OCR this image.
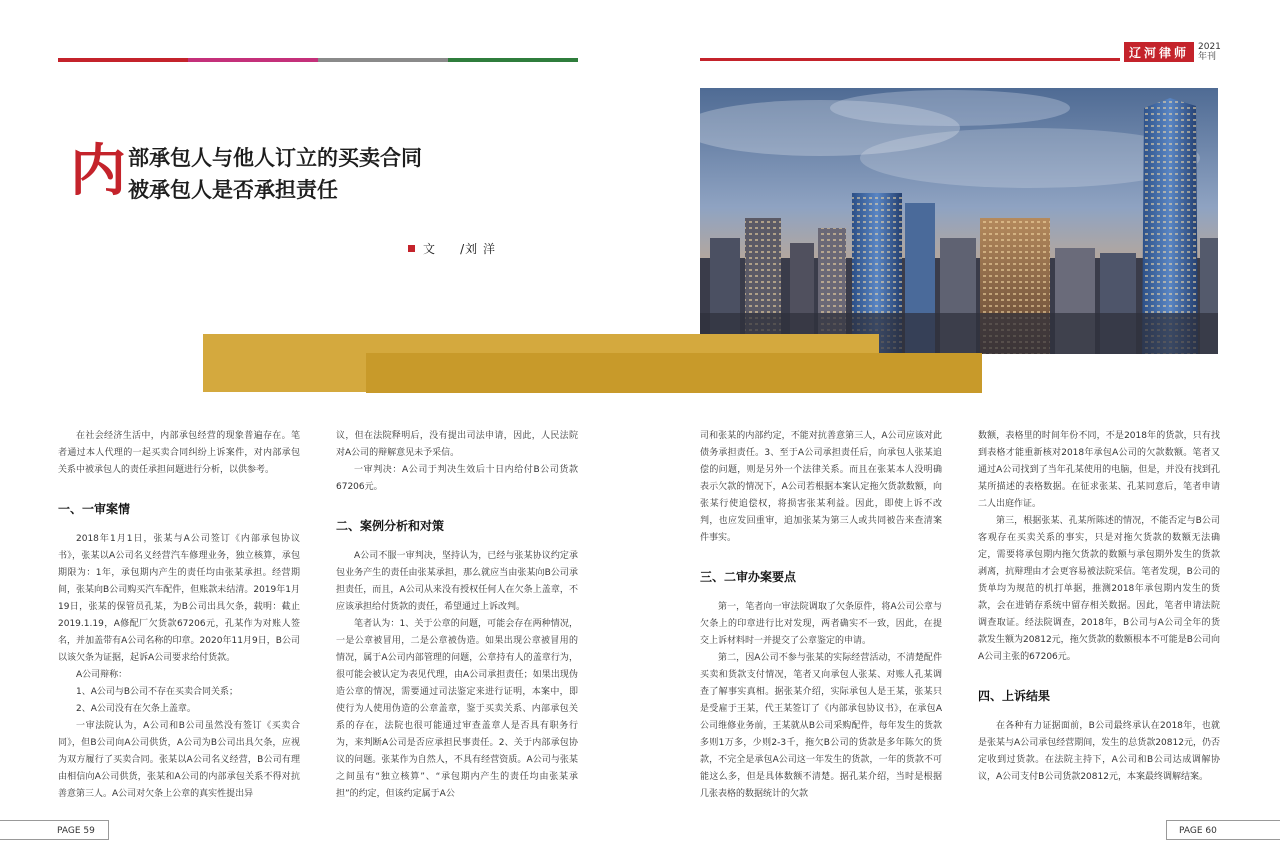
辽河律师	2021
年刊
内 部承包人与他人订立的买卖合同
被承包人是否承担责任
文 /刘 洋

在社会经济生活中，内部承包经营的现象普遍存在。笔者通过本人代理的一起买卖合同纠纷上诉案件，对内部承包关系中被承包人的责任承担问题进行分析，以供参考。

一、一审案情

2018年1月1日，张某与A公司签订《内部承包协议书》，张某以A公司名义经营汽车修理业务，独立核算，承包期限为：1年，承包期内产生的责任均由张某承担。经营期间，张某向B公司购买汽车配件，但账款未结清。2019年1月19日，张某的保管员孔某，为B公司出具欠条，载明：截止2019.1.19，A修配厂欠货款67206元，孔某作为对账人签名，并加盖带有A公司名称的印章。2020年11月9日，B公司以该欠条为证据，起诉A公司要求给付货款。

A公司辩称：

1、A公司与B公司不存在买卖合同关系；

2、A公司没有在欠条上盖章。

一审法院认为，A公司和B公司虽然没有签订《买卖合同》，但B公司向A公司供货，A公司为B公司出具欠条，应视为双方履行了买卖合同。张某以A公司名义经营，B公司有理由相信向A公司供货，张某和A公司的内部承包关系不得对抗善意第三人。A公司对欠条上公章的真实性提出异

议，但在法院释明后，没有提出司法申请，因此，人民法院对A公司的辩解意见未予采信。

一审判决：A公司于判决生效后十日内给付B公司货款67206元。

二、案例分析和对策

A公司不服一审判决，坚持认为，已经与张某协议约定承包业务产生的责任由张某承担，那么就应当由张某向B公司承担责任，而且，A公司从来没有授权任何人在欠条上盖章，不应该承担给付货款的责任，希望通过上诉改判。

笔者认为：1、关于公章的问题，可能会存在两种情况，一是公章被冒用，二是公章被伪造。如果出现公章被冒用的情况，属于A公司内部管理的问题，公章持有人的盖章行为，很可能会被认定为表见代理，由A公司承担责任；如果出现伪造公章的情况，需要通过司法鉴定来进行证明，本案中，即使行为人使用伪造的公章盖章，鉴于买卖关系、内部承包关系的存在，法院也很可能通过审查盖章人是否具有职务行为，来判断A公司是否应承担民事责任。2、关于内部承包协议的问题。张某作为自然人，不具有经营资质。A公司与张某之间虽有“独立核算”、“承包期内产生的责任均由张某承担”的约定，但该约定属于A公

司和张某的内部约定，不能对抗善意第三人，A公司应该对此债务承担责任。3、至于A公司承担责任后，向承包人张某追偿的问题，则是另外一个法律关系。而且在张某本人没明确表示欠款的情况下，A公司若根据本案认定拖欠货款数额，向张某行使追偿权，将损害张某利益。因此，即使上诉不改判，也应发回重审，追加张某为第三人或共同被告来查清案件事实。

三、二审办案要点

第一，笔者向一审法院调取了欠条原件，将A公司公章与欠条上的印章进行比对发现，两者确实不一致，因此，在提交上诉材料时一并提交了公章鉴定的申请。

第二，因A公司不参与张某的实际经营活动，不清楚配件买卖和货款支付情况，笔者又向承包人张某、对账人孔某调查了解事实真相。据张某介绍，实际承包人是王某，张某只是受雇于王某，代王某签订了《内部承包协议书》，在承包A公司维修业务前，王某就从B公司采购配件，每年发生的货款多则1万多，少则2-3千，拖欠B公司的货款是多年陈欠的货款，不完全是承包A公司这一年发生的货款，一年的货款不可能这么多，但是具体数额不清楚。据孔某介绍，当时是根据几张表格的数据统计的欠款

数额，表格里的时间年份不同，不是2018年的货款，只有找到表格才能重新核对2018年承包A公司的欠款数额。笔者又通过A公司找到了当年孔某使用的电脑，但是，并没有找到孔某所描述的表格数据。在征求张某、孔某同意后，笔者申请二人出庭作证。

第三，根据张某、孔某所陈述的情况，不能否定与B公司客观存在买卖关系的事实，只是对拖欠货款的数额无法确定，需要将承包期内拖欠货款的数额与承包期外发生的货款剥离，抗辩理由才会更容易被法院采信。笔者发现，B公司的货单均为规范的机打单据，推测2018年承包期内发生的货款，会在进销存系统中留存相关数据。因此，笔者申请法院调查取证。经法院调查，2018年，B公司与A公司全年的货款发生额为20812元，拖欠货款的数额根本不可能是B公司向A公司主张的67206元。

四、上诉结果

在各种有力证据面前，B公司最终承认在2018年，也就是张某与A公司承包经营期间，发生的总货款20812元，仍否定收到过货款。在法院主持下，A公司和B公司达成调解协议，A公司支付B公司货款20812元，本案最终调解结案。

PAGE 59	PAGE 60
